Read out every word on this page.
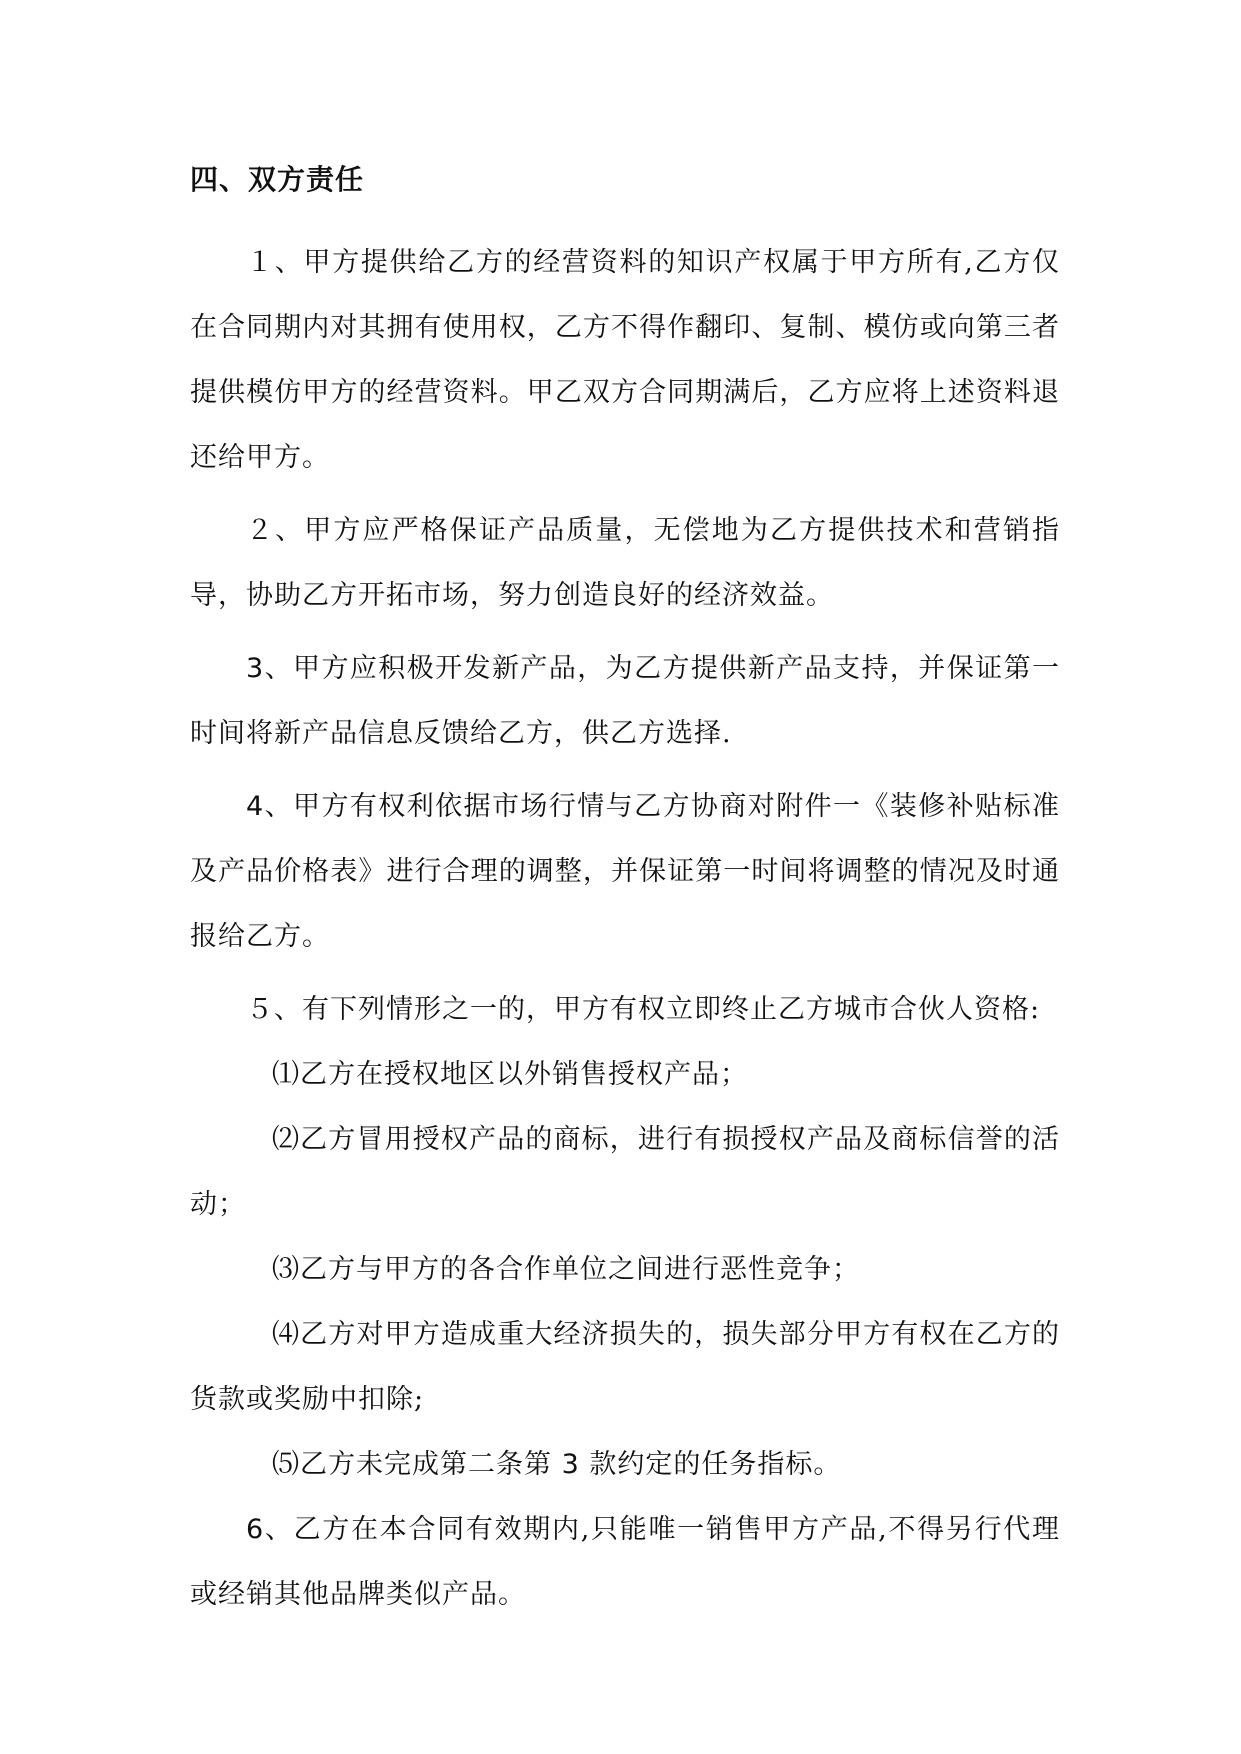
四、双方责任

１、甲方提供给乙方的经营资料的知识产权属于甲方所有,乙方仅在合同期内对其拥有使用权，乙方不得作翻印、复制、模仿或向第三者提供模仿甲方的经营资料。甲乙双方合同期满后，乙方应将上述资料退还给甲方。

２、甲方应严格保证产品质量，无偿地为乙方提供技术和营销指导，协助乙方开拓市场，努力创造良好的经济效益。

3、甲方应积极开发新产品，为乙方提供新产品支持，并保证第一时间将新产品信息反馈给乙方，供乙方选择.

4、甲方有权利依据市场行情与乙方协商对附件一《装修补贴标准及产品价格表》进行合理的调整，并保证第一时间将调整的情况及时通报给乙方。

５、有下列情形之一的，甲方有权立即终止乙方城市合伙人资格:

⑴乙方在授权地区以外销售授权产品；

⑵乙方冒用授权产品的商标，进行有损授权产品及商标信誉的活动；

⑶乙方与甲方的各合作单位之间进行恶性竞争；

⑷乙方对甲方造成重大经济损失的，损失部分甲方有权在乙方的货款或奖励中扣除;

⑸乙方未完成第二条第 3 款约定的任务指标。

6、乙方在本合同有效期内,只能唯一销售甲方产品,不得另行代理或经销其他品牌类似产品。
